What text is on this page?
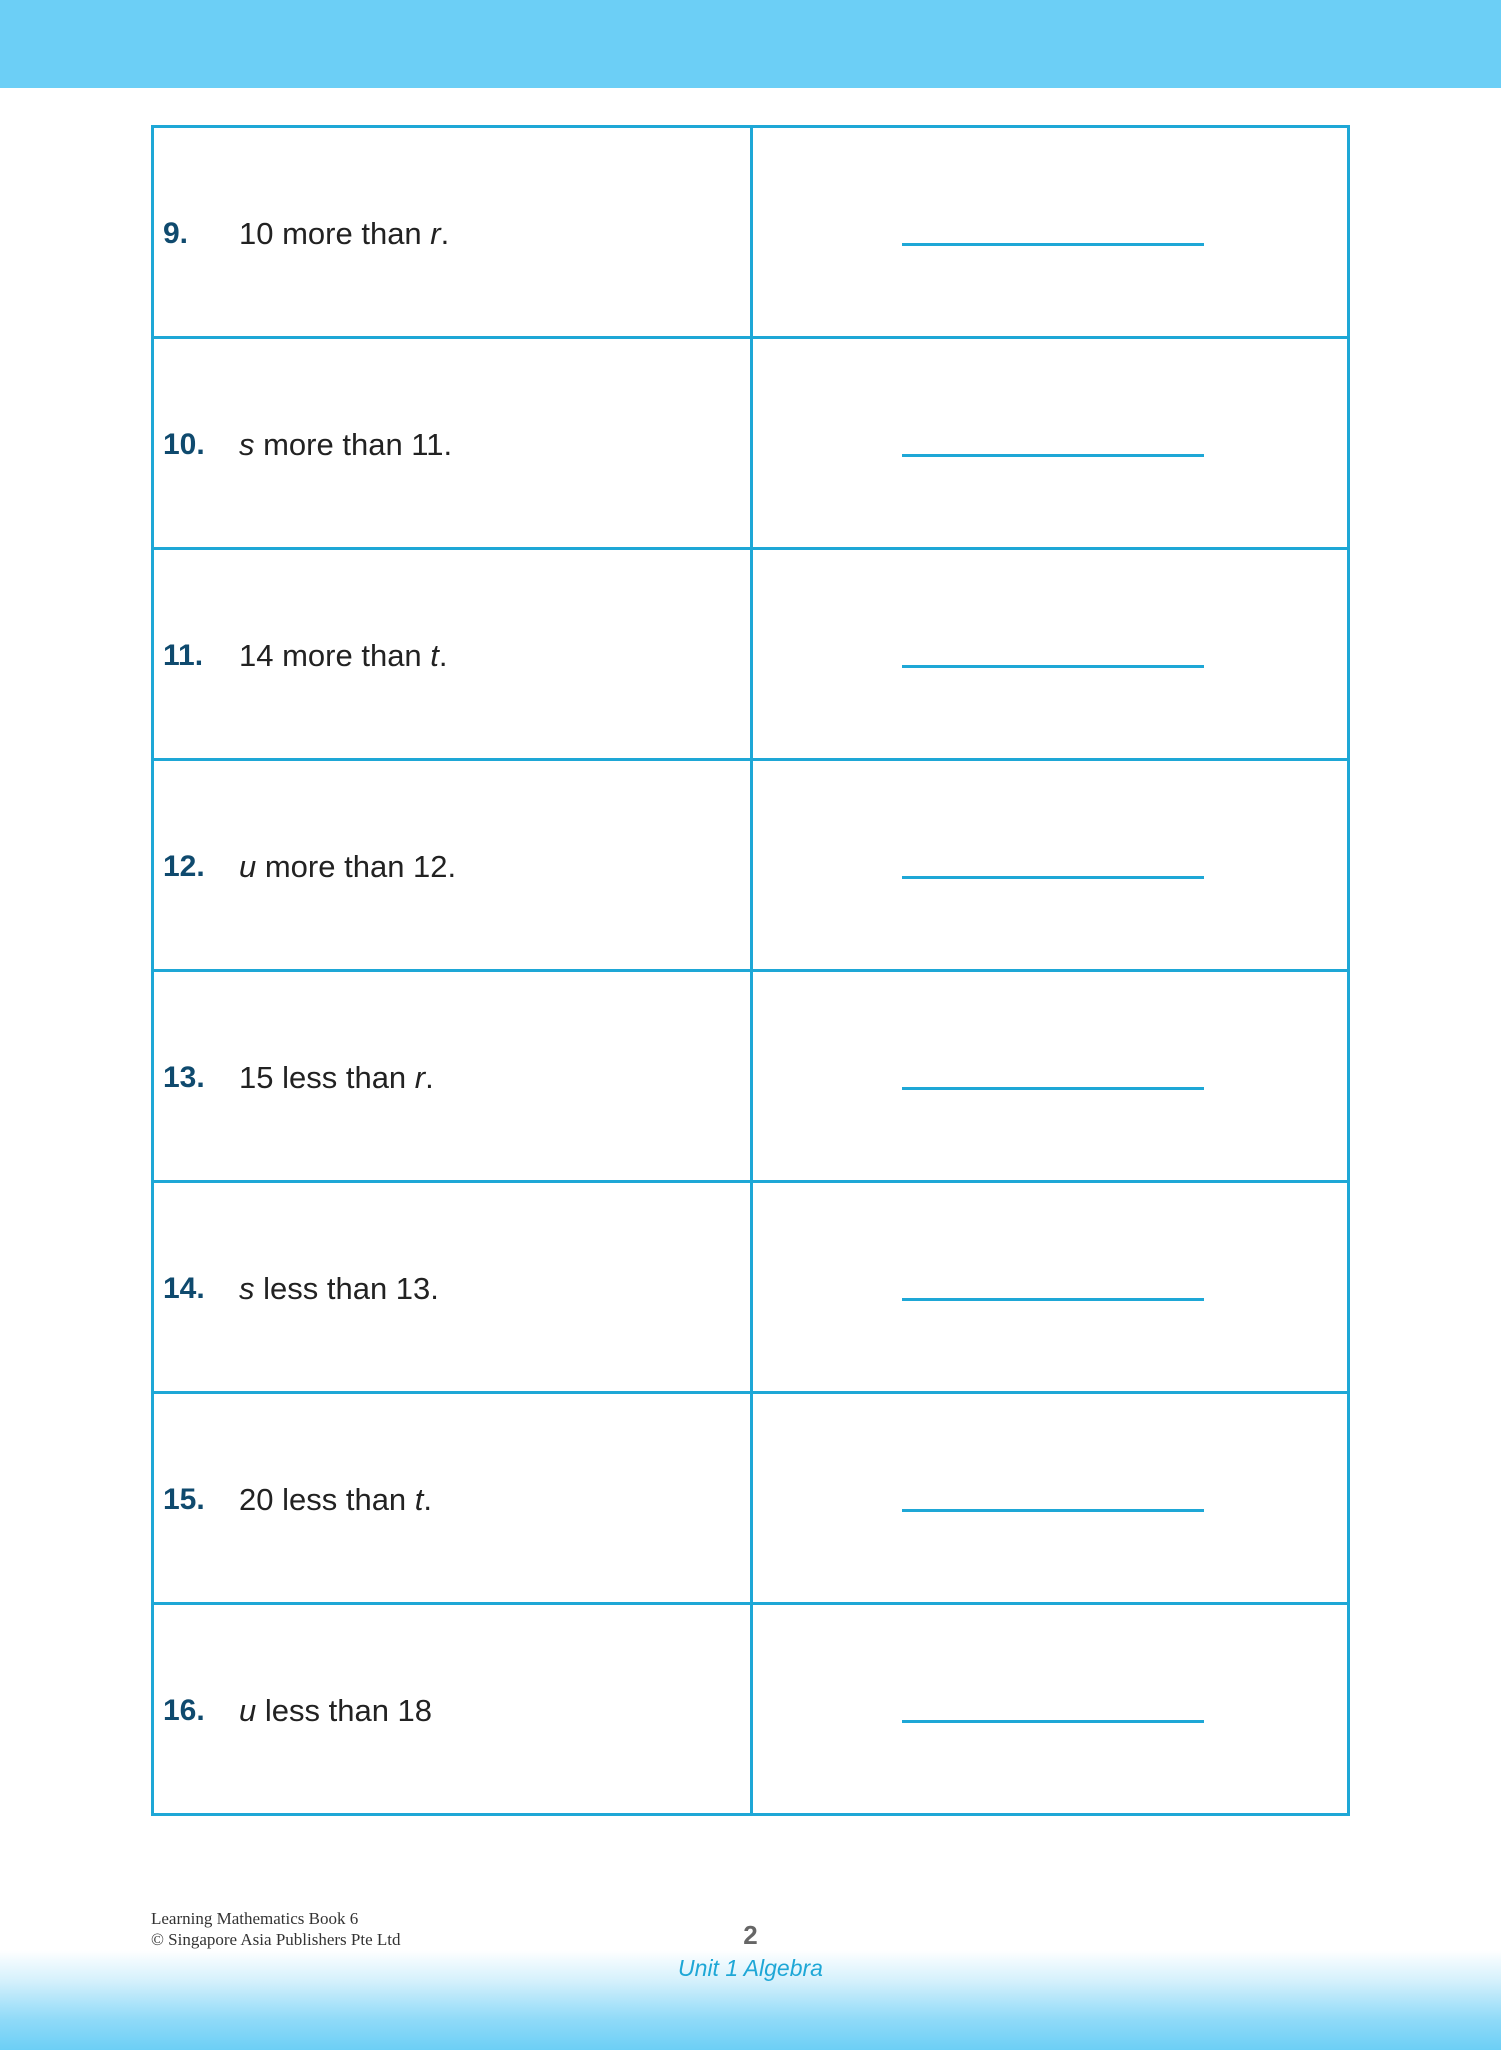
9.	10 more than r.
10.	s more than 11.
11.	14 more than t.
12.	u more than 12.
13.	15 less than r.
14.	s less than 13.
15.	20 less than t.
16.	u less than 18
Learning Mathematics Book 6
© Singapore Asia Publishers Pte Ltd	2
Unit 1 Algebra
